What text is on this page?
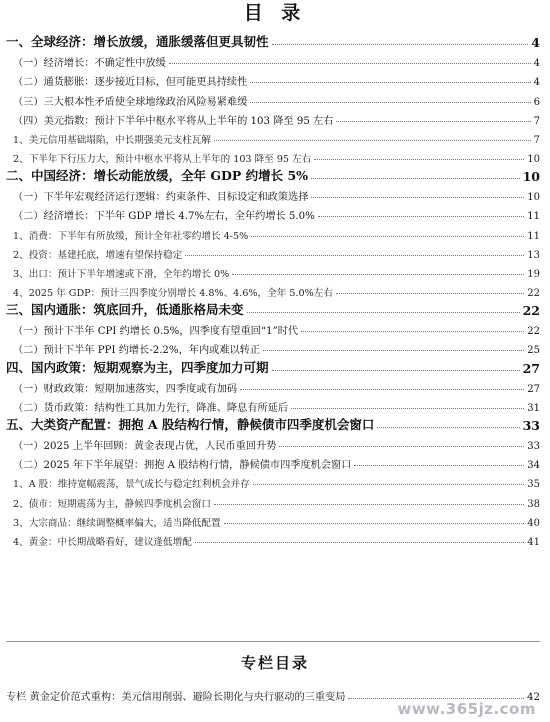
目 录
一、全球经济：增长放缓，通胀缓落但更具韧性	4
（一）经济增长：不确定性中放缓	4
（二）通货膨胀：逐步接近目标，但可能更具持续性	4
（三）三大根本性矛盾使全球地缘政治风险易紧难缓	6
（四）美元指数：预计下半年中枢水平将从上半年的 103 降至 95 左右	7
1、美元信用基础塌陷，中长期强美元支柱瓦解	7
2、下半年下行压力大，预计中枢水平将从上半年的 103 降至 95 左右	10
二、中国经济：增长动能放缓，全年 GDP 约增长 5%	10
（一）下半年宏观经济运行逻辑：约束条件、目标设定和政策选择	10
（二）经济增长：下半年 GDP 增长 4.7%左右，全年约增长 5.0%	11
1、消费：下半年有所放缓，预计全年社零约增长 4-5%	11
2、投资：基建托底，增速有望保持稳定	13
3、出口：预计下半年增速或下滑，全年约增长 0%	19
4、2025 年 GDP：预计三四季度分别增长 4.8%、4.6%，全年 5.0%左右	22
三、国内通胀：筑底回升，低通胀格局未变	22
（一）预计下半年 CPI 约增长 0.5%，四季度有望重回“1”时代	22
（二）预计下半年 PPI 约增长-2.2%，年内或难以转正	25
四、国内政策：短期观察为主，四季度加力可期	27
（一）财政政策：短期加速落实，四季度或有加码	27
（二）货币政策：结构性工具加力先行，降准、降息有所延后	31
五、大类资产配置：拥抱 A 股结构行情，静候债市四季度机会窗口	33
（一）2025 上半年回顾：黄金表现占优，人民币重回升势	33
（二）2025 年下半年展望：拥抱 A 股结构行情，静候债市四季度机会窗口	34
1、A 股：维持宽幅震荡，景气成长与稳定红利机会并存	35
2、债市：短期震荡为主，静候四季度机会窗口	38
3、大宗商品：继续调整概率偏大，适当降低配置	40
4、黄金：中长期战略看好，建议逢低增配	41
专栏目录
专栏 黄金定价范式重构：美元信用削弱、避险长期化与央行驱动的三重变局	42
www.365jz.com
